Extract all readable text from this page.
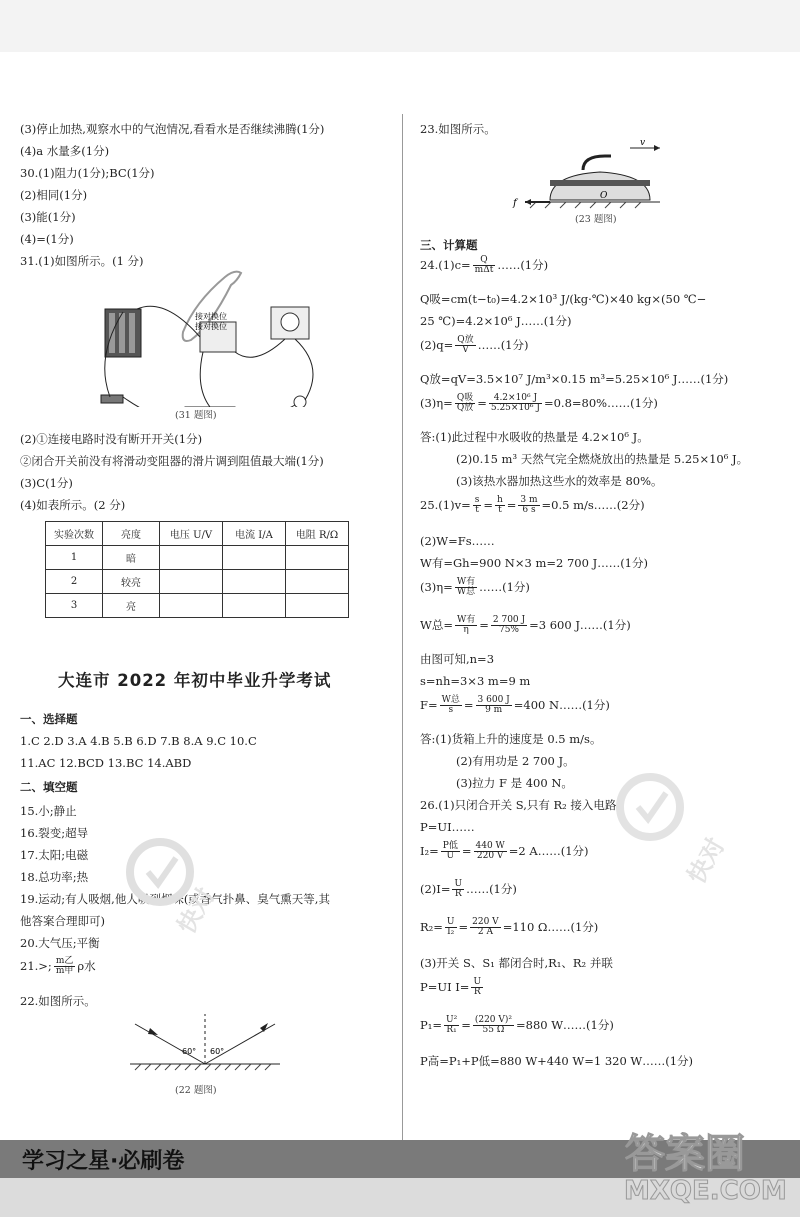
(3)停止加热,观察水中的气泡情况,看看水是否继续沸腾(1分)
(4)a 水量多(1分)
30.(1)阻力(1分);BC(1分)
(2)相同(1分)
(3)能(1分)
(4)=(1分)
31.(1)如图所示。(1 分)
接对换位
接对换位
(31 题图)
(2)①连接电路时没有断开开关(1分)
②闭合开关前没有将滑动变阻器的滑片调到阻值最大端(1分)
(3)C(1分)
(4)如表所示。(2 分)
实验次数	亮度	电压 U/V	电流 I/A	电阻 R/Ω
1	暗			
2	较亮			
3	亮			
大连市 2022 年初中毕业升学考试
一、选择题
1.C 2.D 3.A 4.B 5.B 6.D 7.B 8.A 9.C 10.C
11.AC 12.BCD 13.BC 14.ABD
二、填空题
15.小;静止
16.裂变;超导
17.太阳;电磁
18.总功率;热
19.运动;有人吸烟,他人吸到烟味(或香气扑鼻、臭气熏天等,其
他答案合理即可)
20.大气压;平衡
21.>; $\frac{\text{m乙}}{\text{m甲}}$ ρ水
22.如图所示。
60° 60°
(22 题图)
23.如图所示。
v
f
O
(23 题图)
三、计算题
$24.(1)c= \frac{Q}{\text{mΔt}}$ ……(1分)
Q吸=cm(t−t₀)=4.2×10³ J/(kg·℃)×40 kg×(50 ℃−
25 ℃)=4.2×10⁶ J……(1分)
$(2)q= \frac{\text{Q放}}{V}$ ……(1分)
Q放=qV=3.5×10⁷ J/m³×0.15 m³=5.25×10⁶ J……(1分)
$(3)\eta= \frac{\text{Q吸}}{\text{Q放}} = \frac{\text{4.2×10⁶ J}}{\text{5.25×10⁶ J}}$ =0.8=80%……(1分)
答:(1)此过程中水吸收的热量是 4.2×10⁶ J。
(2)0.15 m³ 天然气完全燃烧放出的热量是 5.25×10⁶ J。
(3)该热水器加热这些水的效率是 80%。
$25.(1)v= \frac{s}{t} = \frac{h}{t} = \frac{3 m}{6 s} =0.5$ m/s……(2分)
(2)W=Fs……
W有=Gh=900 N×3 m=2 700 J……(1分)
$(3)\eta= \frac{\text{W有}}{\text{W总}}$ ……(1分)
W总= $\frac{\text{W有}}{\eta} = \frac{2 700 J}{75\%} =3$ 600 J……(1分)
由图可知,n=3
s=nh=3×3 m=9 m
$F= \frac{\text{W总}}{s} = \frac{3 600 J}{9 m} =400$ N……(1分)
答:(1)货箱上升的速度是 0.5 m/s。
(2)有用功是 2 700 J。
(3)拉力 F 是 400 N。
26.(1)只闭合开关 S,只有 R₂ 接入电路
P=UI……
$I_2= \frac{\text{P低}}{U} = \frac{440 W}{220 V} =2$ A……(1分)
$(2)I= \frac{U}{R}$ ……(1分)
$R_2= \frac{U}{\text{I₂}} = \frac{220 V}{2 A} =110$ Ω……(1分)
(3)开关 S、S₁ 都闭合时,R₁、R₂ 并联
P=UI $I= \frac{U}{R}$
$P_1= \frac{\text{U²}}{\text{R₁}} = \frac{\text{(220 V)²}}{55 \Omega} =880$ W……(1分)
P高=P₁+P低=880 W+440 W=1 320 W……(1分)
快对
快对
学习之星·必刷卷	答案圈
MXQE.COM
